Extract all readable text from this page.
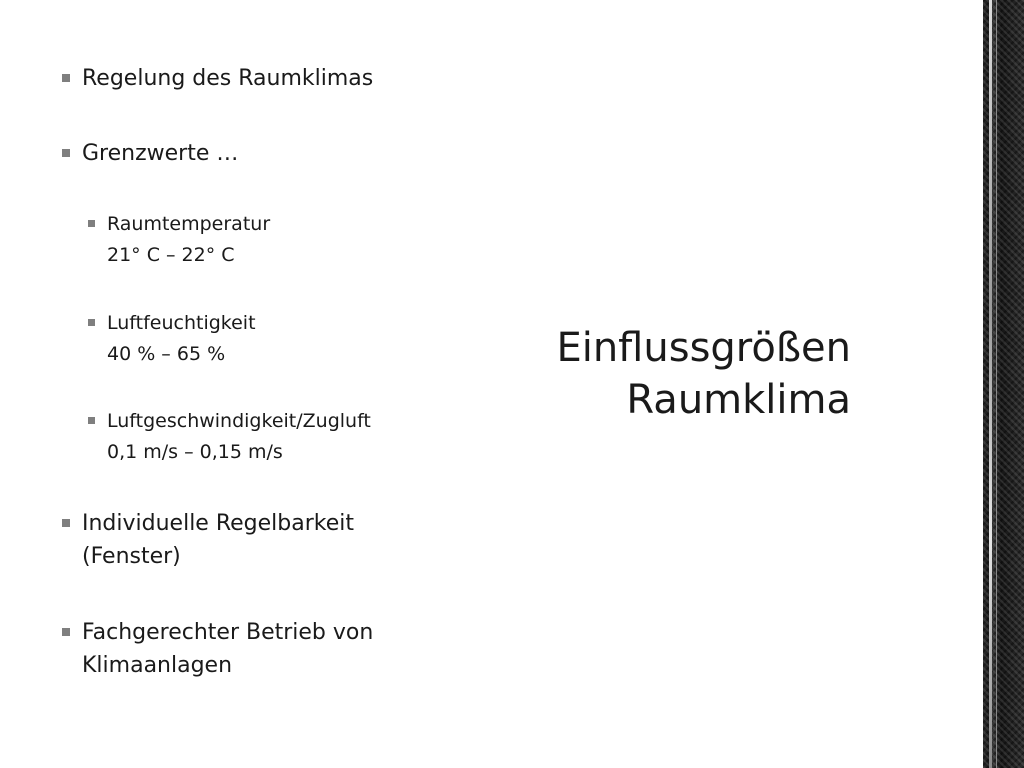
Regelung des Raumklimas
Grenzwerte …
Raumtemperatur
21° C – 22° C
Luftfeuchtigkeit
40 % – 65 %
Luftgeschwindigkeit/Zugluft
0,1 m/s – 0,15 m/s
Individuelle Regelbarkeit
(Fenster)
Fachgerechter Betrieb von
Klimaanlagen
Einflussgrößen
Raumklima
